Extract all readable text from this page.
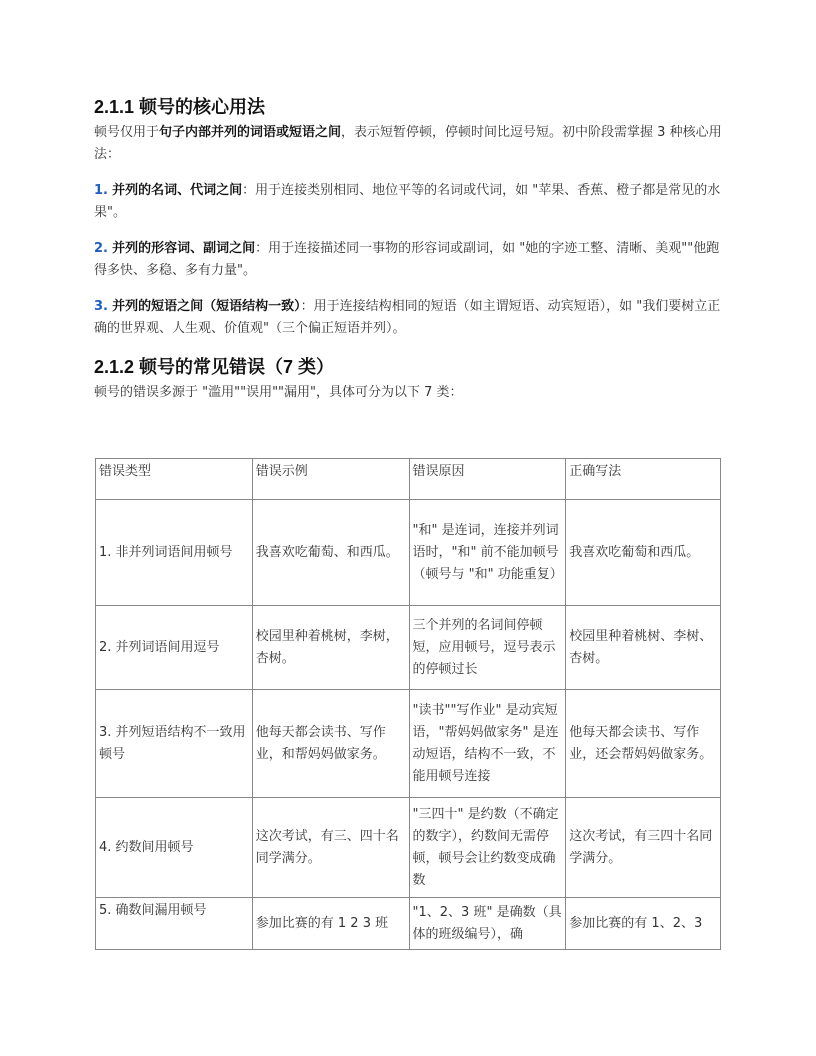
2.1.1 顿号的核心用法

顿号仅用于句子内部并列的词语或短语之间，表示短暂停顿，停顿时间比逗号短。初中阶段需掌握 3 种核心用法：

1. 并列的名词、代词之间：用于连接类别相同、地位平等的名词或代词，如 "苹果、香蕉、橙子都是常见的水果"。

2. 并列的形容词、副词之间：用于连接描述同一事物的形容词或副词，如 "她的字迹工整、清晰、美观""他跑得多快、多稳、多有力量"。

3. 并列的短语之间（短语结构一致）：用于连接结构相同的短语（如主谓短语、动宾短语），如 "我们要树立正确的世界观、人生观、价值观"（三个偏正短语并列）。

2.1.2 顿号的常见错误（7 类）

顿号的错误多源于 "滥用""误用""漏用"，具体可分为以下 7 类：

错误类型	错误示例	错误原因	正确写法
1. 非并列词语间用顿号	我喜欢吃葡萄、和西瓜。	"和" 是连词，连接并列词语时，"和" 前不能加顿号（顿号与 "和" 功能重复）	我喜欢吃葡萄和西瓜。
2. 并列词语间用逗号	校园里种着桃树，李树，杏树。	三个并列的名词间停顿短，应用顿号，逗号表示的停顿过长	校园里种着桃树、李树、杏树。
3. 并列短语结构不一致用顿号	他每天都会读书、写作业，和帮妈妈做家务。	"读书""写作业" 是动宾短语，"帮妈妈做家务" 是连动短语，结构不一致，不能用顿号连接	他每天都会读书、写作业，还会帮妈妈做家务。
4. 约数间用顿号	这次考试，有三、四十名同学满分。	"三四十" 是约数（不确定的数字），约数间无需停顿，顿号会让约数变成确数	这次考试，有三四十名同学满分。
5. 确数间漏用顿号	参加比赛的有 1 2 3 班	"1、2、3 班" 是确数（具体的班级编号），确	参加比赛的有 1、2、3
